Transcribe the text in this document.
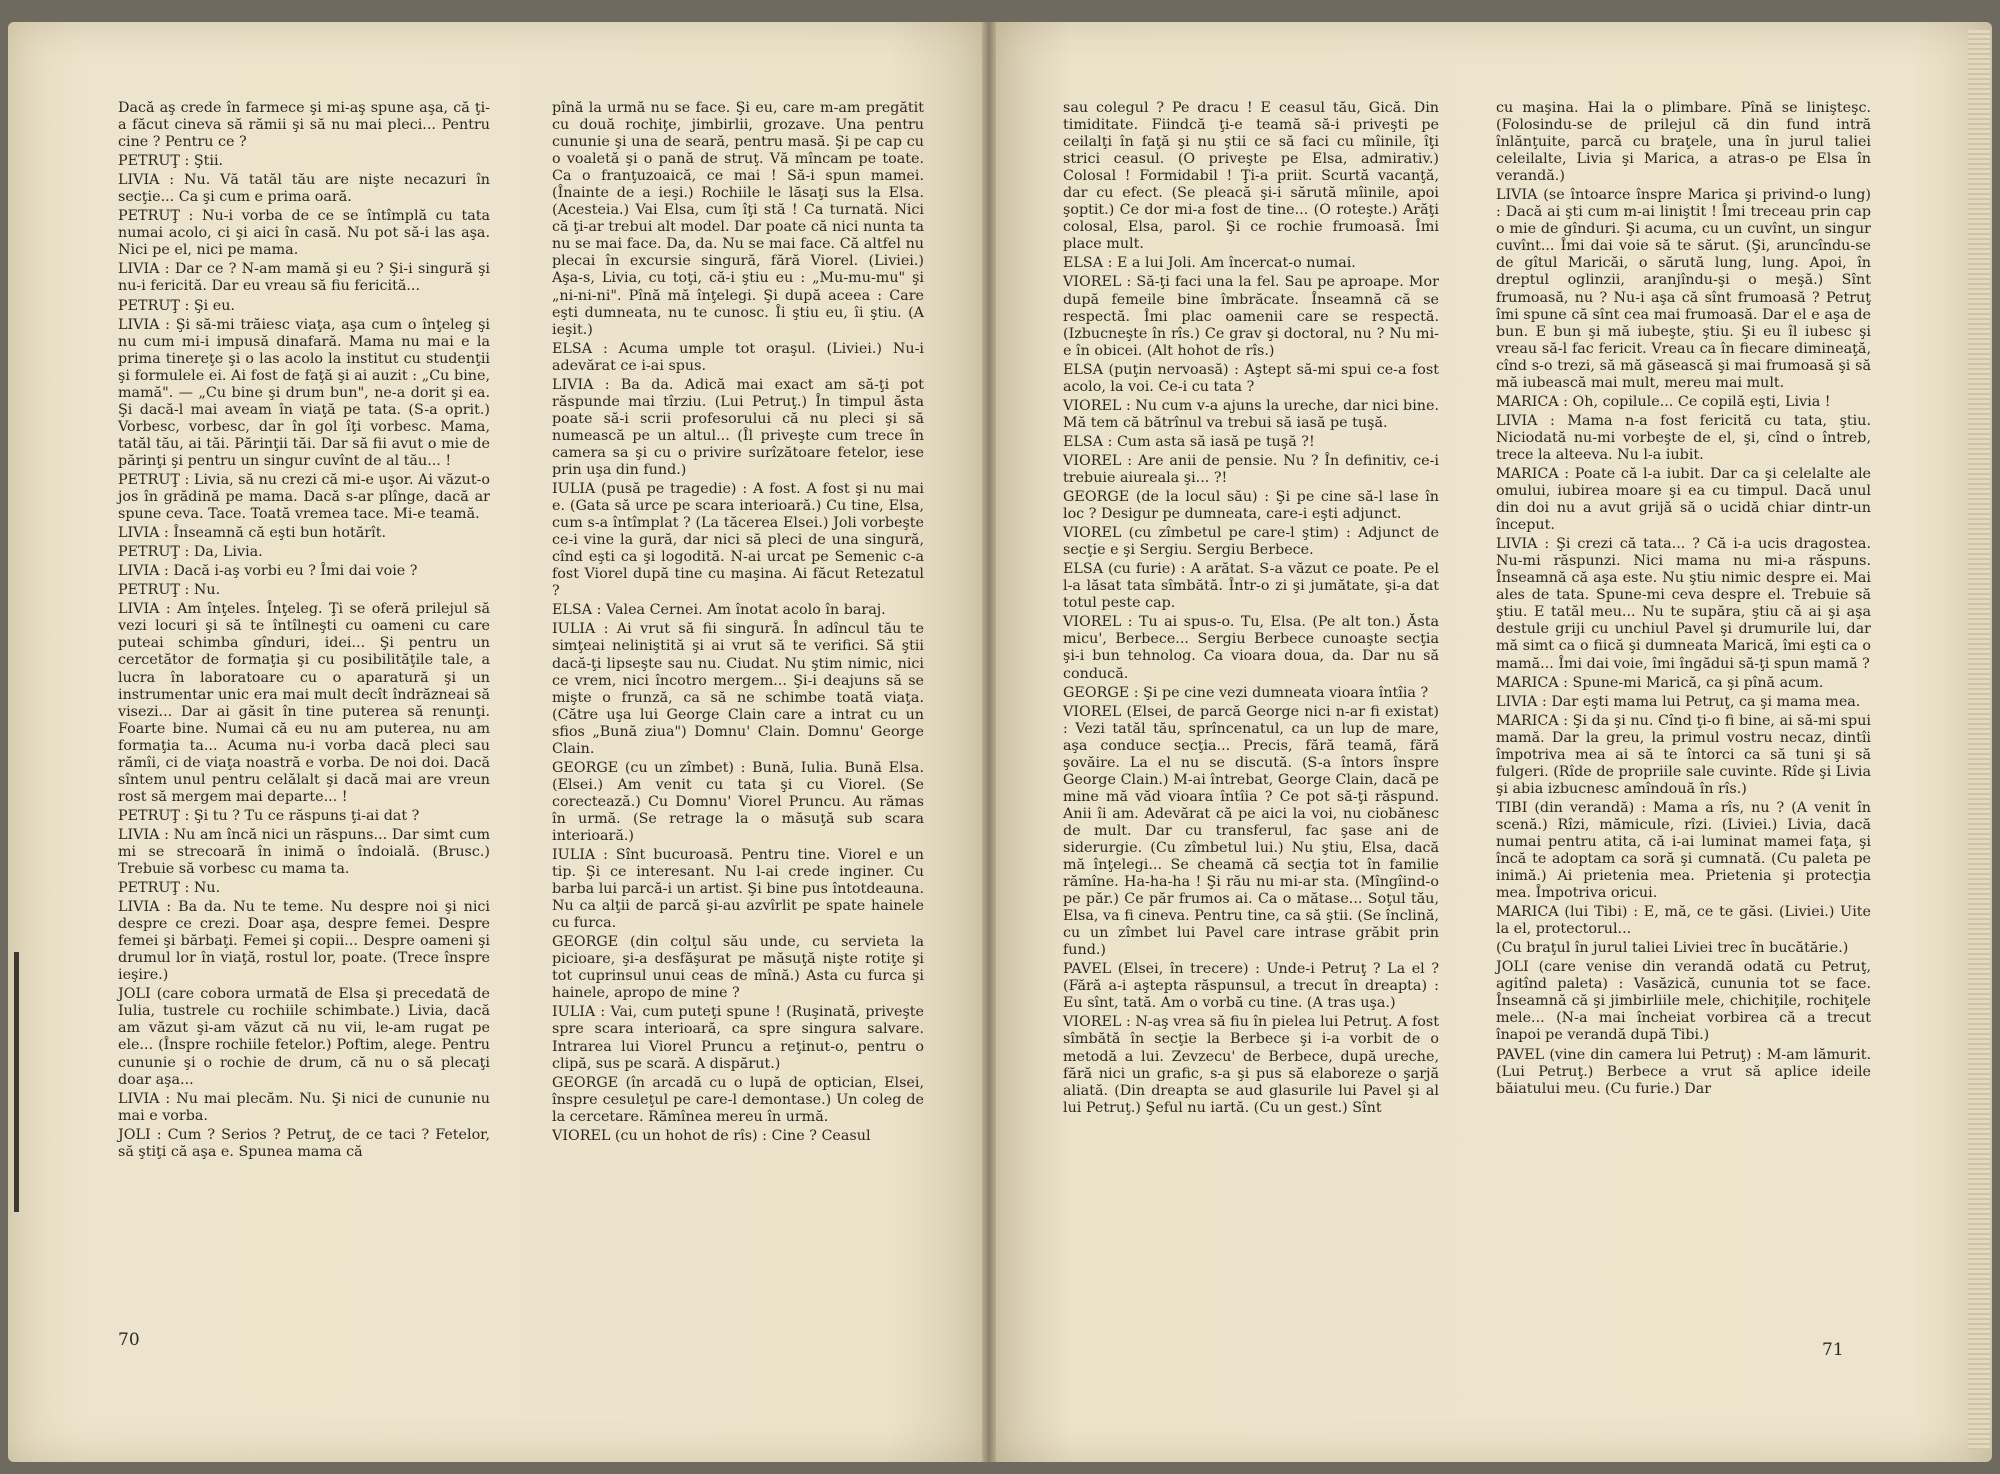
Dacă aş crede în farmece şi mi-aş spune aşa, că ţi-a făcut cineva să rămii şi să nu mai pleci... Pentru cine ? Pentru ce ?

PETRUŢ : Ştii.

LIVIA : Nu. Vă tatăl tău are nişte necazuri în secţie... Ca şi cum e prima oară.

PETRUŢ : Nu-i vorba de ce se întîmplă cu tata numai acolo, ci şi aici în casă. Nu pot să-i las aşa. Nici pe el, nici pe mama.

LIVIA : Dar ce ? N-am mamă şi eu ? Şi-i singură şi nu-i fericită. Dar eu vreau să fiu fericită...

PETRUŢ : Şi eu.

LIVIA : Şi să-mi trăiesc viaţa, aşa cum o înţeleg şi nu cum mi-i impusă dinafară. Mama nu mai e la prima tinereţe şi o las acolo la institut cu studenţii şi formulele ei. Ai fost de faţă şi ai auzit : „Cu bine, mamă". — „Cu bine şi drum bun", ne-a dorit şi ea. Şi dacă-l mai aveam în viaţă pe tata. (S-a oprit.) Vorbesc, vorbesc, dar în gol îţi vorbesc. Mama, tatăl tău, ai tăi. Părinţii tăi. Dar să fii avut o mie de părinţi şi pentru un singur cuvînt de al tău... !

PETRUŢ : Livia, să nu crezi că mi-e uşor. Ai văzut-o jos în grădină pe mama. Dacă s-ar plînge, dacă ar spune ceva. Tace. Toată vremea tace. Mi-e teamă.

LIVIA : Înseamnă că eşti bun hotărît.

PETRUŢ : Da, Livia.

LIVIA : Dacă i-aş vorbi eu ? Îmi dai voie ?

PETRUŢ : Nu.

LIVIA : Am înţeles. Înţeleg. Ţi se oferă prilejul să vezi locuri şi să te întîlneşti cu oameni cu care puteai schimba gînduri, idei... Şi pentru un cercetător de formaţia şi cu posibilităţile tale, a lucra în laboratoare cu o aparatură şi un instrumentar unic era mai mult decît îndrăzneai să visezi... Dar ai găsit în tine puterea să renunţi. Foarte bine. Numai că eu nu am puterea, nu am formaţia ta... Acuma nu-i vorba dacă pleci sau rămîi, ci de viaţa noastră e vorba. De noi doi. Dacă sîntem unul pentru celălalt şi dacă mai are vreun rost să mergem mai departe... !

PETRUŢ : Şi tu ? Tu ce răspuns ţi-ai dat ?

LIVIA : Nu am încă nici un răspuns... Dar simt cum mi se strecoară în inimă o îndoială. (Brusc.) Trebuie să vorbesc cu mama ta.

PETRUŢ : Nu.

LIVIA : Ba da. Nu te teme. Nu despre noi şi nici despre ce crezi. Doar aşa, despre femei. Despre femei şi bărbaţi. Femei şi copii... Despre oameni şi drumul lor în viaţă, rostul lor, poate. (Trece înspre ieşire.)

JOLI (care cobora urmată de Elsa şi precedată de Iulia, tustrele cu rochiile schimbate.) Livia, dacă am văzut şi-am văzut că nu vii, le-am rugat pe ele... (Înspre rochiile fetelor.) Poftim, alege. Pentru cununie şi o rochie de drum, că nu o să plecaţi doar aşa...

LIVIA : Nu mai plecăm. Nu. Şi nici de cununie nu mai e vorba.

JOLI : Cum ? Serios ? Petruţ, de ce taci ? Fetelor, să ştiţi că aşa e. Spunea mama că

pînă la urmă nu se face. Şi eu, care m-am pregătit cu două rochiţe, jimbirlii, grozave. Una pentru cununie şi una de seară, pentru masă. Şi pe cap cu o voaletă şi o pană de struţ. Vă mîncam pe toate. Ca o franţuzoaică, ce mai ! Să-i spun mamei. (Înainte de a ieşi.) Rochiile le lăsaţi sus la Elsa. (Acesteia.) Vai Elsa, cum îţi stă ! Ca turnată. Nici că ţi-ar trebui alt model. Dar poate că nici nunta ta nu se mai face. Da, da. Nu se mai face. Că altfel nu plecai în excursie singură, fără Viorel. (Liviei.) Aşa-s, Livia, cu toţi, că-i ştiu eu : „Mu-mu-mu" şi „ni-ni-ni". Pînă mă înţelegi. Şi după aceea : Care eşti dumneata, nu te cunosc. Îi ştiu eu, îi ştiu. (A ieşit.)

ELSA : Acuma umple tot oraşul. (Liviei.) Nu-i adevărat ce i-ai spus.

LIVIA : Ba da. Adică mai exact am să-ţi pot răspunde mai tîrziu. (Lui Petruţ.) În timpul ăsta poate să-i scrii profesorului că nu pleci şi să numească pe un altul... (Îl priveşte cum trece în camera sa şi cu o privire surîzătoare fetelor, iese prin uşa din fund.)

IULIA (pusă pe tragedie) : A fost. A fost şi nu mai e. (Gata să urce pe scara interioară.) Cu tine, Elsa, cum s-a întîmplat ? (La tăcerea Elsei.) Joli vorbeşte ce-i vine la gură, dar nici să pleci de una singură, cînd eşti ca şi logodită. N-ai urcat pe Semenic c-a fost Viorel după tine cu maşina. Ai făcut Retezatul ?

ELSA : Valea Cernei. Am înotat acolo în baraj.

IULIA : Ai vrut să fii singură. În adîncul tău te simţeai neliniştită şi ai vrut să te verifici. Să ştii dacă-ţi lipseşte sau nu. Ciudat. Nu ştim nimic, nici ce vrem, nici încotro mergem... Şi-i deajuns să se mişte o frunză, ca să ne schimbe toată viaţa. (Către uşa lui George Clain care a intrat cu un sfios „Bună ziua") Domnu' Clain. Domnu' George Clain.

GEORGE (cu un zîmbet) : Bună, Iulia. Bună Elsa. (Elsei.) Am venit cu tata şi cu Viorel. (Se corectează.) Cu Domnu' Viorel Pruncu. Au rămas în urmă. (Se retrage la o măsuţă sub scara interioară.)

IULIA : Sînt bucuroasă. Pentru tine. Viorel e un tip. Şi ce interesant. Nu l-ai crede inginer. Cu barba lui parcă-i un artist. Şi bine pus întotdeauna. Nu ca alţii de parcă şi-au azvîrlit pe spate hainele cu furca.

GEORGE (din colţul său unde, cu servieta la picioare, şi-a desfăşurat pe măsuţă nişte rotiţe şi tot cuprinsul unui ceas de mînă.) Asta cu furca şi hainele, apropo de mine ?

IULIA : Vai, cum puteţi spune ! (Ruşinată, priveşte spre scara interioară, ca spre singura salvare. Intrarea lui Viorel Pruncu a reţinut-o, pentru o clipă, sus pe scară. A dispărut.)

GEORGE (în arcadă cu o lupă de optician, Elsei, înspre cesuleţul pe care-l demontase.) Un coleg de la cercetare. Rămînea mereu în urmă.

VIOREL (cu un hohot de rîs) : Cine ? Ceasul

sau colegul ? Pe dracu ! E ceasul tău, Gică. Din timiditate. Fiindcă ţi-e teamă să-i priveşti pe ceilalţi în faţă şi nu ştii ce să faci cu mîinile, îţi strici ceasul. (O priveşte pe Elsa, admirativ.) Colosal ! Formidabil ! Ţi-a priit. Scurtă vacanţă, dar cu efect. (Se pleacă şi-i sărută mîinile, apoi şoptit.) Ce dor mi-a fost de tine... (O roteşte.) Arăţi colosal, Elsa, parol. Şi ce rochie frumoasă. Îmi place mult.

ELSA : E a lui Joli. Am încercat-o numai.

VIOREL : Să-ţi faci una la fel. Sau pe aproape. Mor după femeile bine îmbrăcate. Înseamnă că se respectă. Îmi plac oamenii care se respectă. (Izbucneşte în rîs.) Ce grav şi doctoral, nu ? Nu mi-e în obicei. (Alt hohot de rîs.)

ELSA (puţin nervoasă) : Aştept să-mi spui ce-a fost acolo, la voi. Ce-i cu tata ?

VIOREL : Nu cum v-a ajuns la ureche, dar nici bine. Mă tem că bătrînul va trebui să iasă pe tuşă.

ELSA : Cum asta să iasă pe tuşă ?!

VIOREL : Are anii de pensie. Nu ? În definitiv, ce-i trebuie aiureala şi... ?!

GEORGE (de la locul său) : Şi pe cine să-l lase în loc ? Desigur pe dumneata, care-i eşti adjunct.

VIOREL (cu zîmbetul pe care-l ştim) : Adjunct de secţie e şi Sergiu. Sergiu Berbece.

ELSA (cu furie) : A arătat. S-a văzut ce poate. Pe el l-a lăsat tata sîmbătă. Într-o zi şi jumătate, şi-a dat totul peste cap.

VIOREL : Tu ai spus-o. Tu, Elsa. (Pe alt ton.) Ăsta micu', Berbece... Sergiu Berbece cunoaşte secţia şi-i bun tehnolog. Ca vioara doua, da. Dar nu să conducă.

GEORGE : Şi pe cine vezi dumneata vioara întîia ?

VIOREL (Elsei, de parcă George nici n-ar fi existat) : Vezi tatăl tău, sprîncenatul, ca un lup de mare, aşa conduce secţia... Precis, fără teamă, fără şovăire. La el nu se discută. (S-a întors înspre George Clain.) M-ai întrebat, George Clain, dacă pe mine mă văd vioara întîia ? Ce pot să-ţi răspund. Anii îi am. Adevărat că pe aici la voi, nu ciobănesc de mult. Dar cu transferul, fac şase ani de siderurgie. (Cu zîmbetul lui.) Nu ştiu, Elsa, dacă mă înţelegi... Se cheamă că secţia tot în familie rămîne. Ha-ha-ha ! Şi rău nu mi-ar sta. (Mîngîind-o pe păr.) Ce păr frumos ai. Ca o mătase... Soţul tău, Elsa, va fi cineva. Pentru tine, ca să ştii. (Se înclină, cu un zîmbet lui Pavel care intrase grăbit prin fund.)

PAVEL (Elsei, în trecere) : Unde-i Petruţ ? La el ? (Fără a-i aştepta răspunsul, a trecut în dreapta) : Eu sînt, tată. Am o vorbă cu tine. (A tras uşa.)

VIOREL : N-aş vrea să fiu în pielea lui Petruţ. A fost sîmbătă în secţie la Berbece şi i-a vorbit de o metodă a lui. Zevzecu' de Berbece, după ureche, fără nici un grafic, s-a şi pus să elaboreze o şarjă aliată. (Din dreapta se aud glasurile lui Pavel şi al lui Petruţ.) Şeful nu iartă. (Cu un gest.) Sînt

cu maşina. Hai la o plimbare. Pînă se linişteşc. (Folosindu-se de prilejul că din fund intră înlănţuite, parcă cu braţele, una în jurul taliei celeilalte, Livia şi Marica, a atras-o pe Elsa în verandă.)

LIVIA (se întoarce înspre Marica şi privind-o lung) : Dacă ai şti cum m-ai liniştit ! Îmi treceau prin cap o mie de gînduri. Şi acuma, cu un cuvînt, un singur cuvînt... Îmi dai voie să te sărut. (Şi, aruncîndu-se de gîtul Maricăi, o sărută lung, lung. Apoi, în dreptul oglinzii, aranjîndu-şi o meşă.) Sînt frumoasă, nu ? Nu-i aşa că sînt frumoasă ? Petruţ îmi spune că sînt cea mai frumoasă. Dar el e aşa de bun. E bun şi mă iubeşte, ştiu. Şi eu îl iubesc şi vreau să-l fac fericit. Vreau ca în fiecare dimineaţă, cînd s-o trezi, să mă găsească şi mai frumoasă şi să mă iubească mai mult, mereu mai mult.

MARICA : Oh, copilule... Ce copilă eşti, Livia !

LIVIA : Mama n-a fost fericită cu tata, ştiu. Niciodată nu-mi vorbeşte de el, şi, cînd o întreb, trece la alteeva. Nu l-a iubit.

MARICA : Poate că l-a iubit. Dar ca şi celelalte ale omului, iubirea moare şi ea cu timpul. Dacă unul din doi nu a avut grijă să o ucidă chiar dintr-un început.

LIVIA : Şi crezi că tata... ? Că i-a ucis dragostea. Nu-mi răspunzi. Nici mama nu mi-a răspuns. Înseamnă că aşa este. Nu ştiu nimic despre ei. Mai ales de tata. Spune-mi ceva despre el. Trebuie să ştiu. E tatăl meu... Nu te supăra, ştiu că ai şi aşa destule griji cu unchiul Pavel şi drumurile lui, dar mă simt ca o fiică şi dumneata Marică, îmi eşti ca o mamă... Îmi dai voie, îmi îngădui să-ţi spun mamă ?

MARICA : Spune-mi Marică, ca şi pînă acum.

LIVIA : Dar eşti mama lui Petruţ, ca şi mama mea.

MARICA : Şi da şi nu. Cînd ţi-o fi bine, ai să-mi spui mamă. Dar la greu, la primul vostru necaz, dintîi împotriva mea ai să te întorci ca să tuni şi să fulgeri. (Rîde de propriile sale cuvinte. Rîde şi Livia şi abia izbucnesc amîndouă în rîs.)

TIBI (din verandă) : Mama a rîs, nu ? (A venit în scenă.) Rîzi, mămicule, rîzi. (Liviei.) Livia, dacă numai pentru atita, că i-ai luminat mamei faţa, şi încă te adoptam ca soră şi cumnată. (Cu paleta pe inimă.) Ai prietenia mea. Prietenia şi protecţia mea. Împotriva oricui.

MARICA (lui Tibi) : E, mă, ce te găsi. (Liviei.) Uite la el, protectorul...

(Cu braţul în jurul taliei Liviei trec în bucătărie.)

JOLI (care venise din verandă odată cu Petruţ, agitînd paleta) : Vasăzică, cununia tot se face. Înseamnă că şi jimbirliile mele, chichiţile, rochiţele mele... (N-a mai încheiat vorbirea că a trecut înapoi pe verandă după Tibi.)

PAVEL (vine din camera lui Petruţ) : M-am lămurit. (Lui Petruţ.) Berbece a vrut să aplice ideile băiatului meu. (Cu furie.) Dar

70	71
